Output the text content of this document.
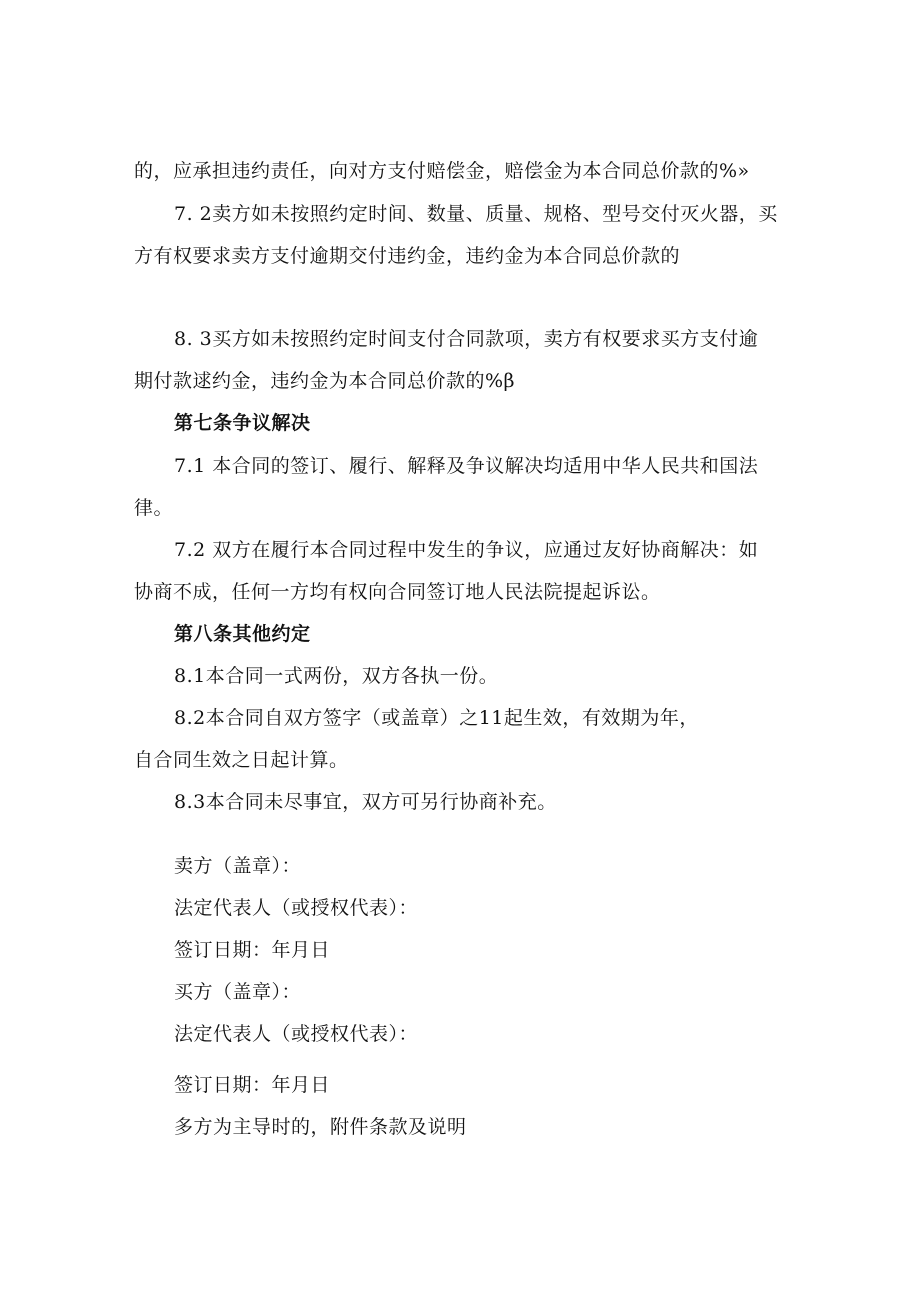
的，应承担违约责任，向对方支付赔偿金，赔偿金为本合同总价款的%»
7. 2卖方如未按照约定时间、数量、质量、规格、型号交付灭火器，买
方有权要求卖方支付逾期交付违约金，违约金为本合同总价款的
8. 3买方如未按照约定时间支付合同款项，卖方有权要求买方支付逾
期付款逑约金，违约金为本合同总价款的%β
第七条争议解决
7.1 本合同的签订、履行、解释及争议解决均适用中华人民共和国法
律。
7.2 双方在履行本合同过程中发生的争议，应通过友好协商解决：如
协商不成，任何一方均有权向合同签订地人民法院提起诉讼。
第八条其他约定
8.1本合同一式两份，双方各执一份。
8.2本合同自双方签字（或盖章）之11起生效，有效期为年，
自合同生效之日起计算。
8.3本合同未尽事宜，双方可另行协商补充。
卖方（盖章）：
法定代表人（或授权代表）：
签订日期：年月日
买方（盖章）：
法定代表人（或授权代表）：
签订日期：年月日
多方为主导时的，附件条款及说明
